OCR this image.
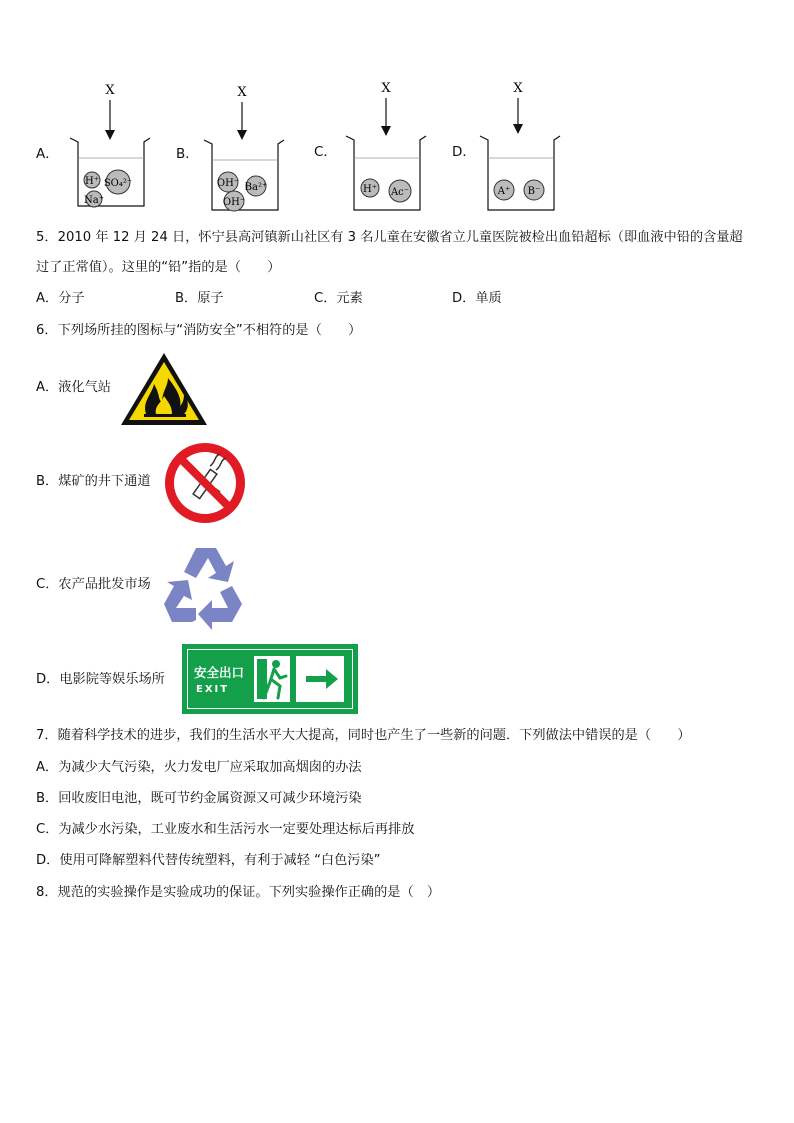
A．
X
H⁺ SO₄²⁻
Na⁺
B．
X
OH⁻ Ba²⁺
OH⁻
C．
X
H⁺ Ac⁻
D．
X
A⁺ B⁻
5．2010 年 12 月 24 日，怀宁县高河镇新山社区有 3 名儿童在安徽省立儿童医院被检出血铅超标（即血液中铅的含量超
过了正常值）。这里的“铅”指的是（　　）
A．分子	B．原子	C．元素	D．单质
6．下列场所挂的图标与“消防安全”不相符的是（　　）
A．液化气站
B．煤矿的井下通道
C．农产品批发市场
D．电影院等娱乐场所 安全出口
EXIT
7．随着科学技术的进步，我们的生活水平大大提高，同时也产生了一些新的问题．下列做法中错误的是（　　）
A．为减少大气污染，火力发电厂应采取加高烟囱的办法
B．回收废旧电池，既可节约金属资源又可减少环境污染
C．为减少水污染，工业废水和生活污水一定要处理达标后再排放
D．使用可降解塑料代替传统塑料，有利于减轻 “白色污染”
8．规范的实验操作是实验成功的保证。下列实验操作正确的是（　）
